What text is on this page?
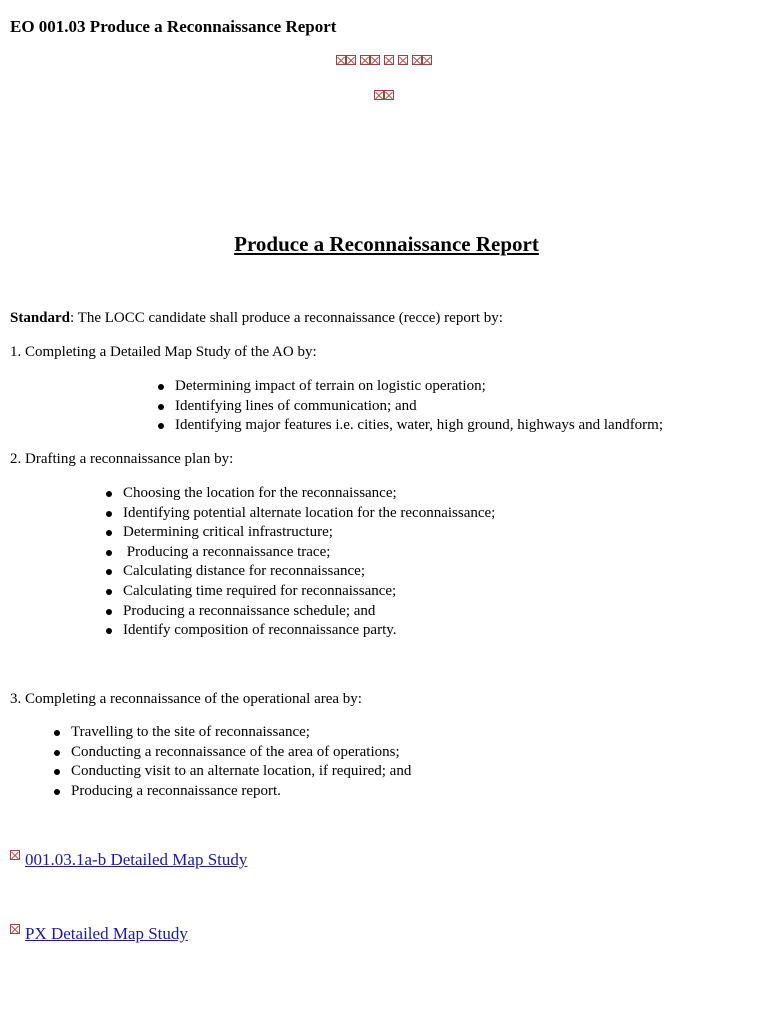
EO 001.03 Produce a Reconnaissance Report
Produce a Reconnaissance Report
Standard: The LOCC candidate shall produce a reconnaissance (recce) report by:
1. Completing a Detailed Map Study of the AO by:
Determining impact of terrain on logistic operation;
Identifying lines of communication; and
Identifying major features i.e. cities, water, high ground, highways and landform;
2. Drafting a reconnaissance plan by:
Choosing the location for the reconnaissance;
Identifying potential alternate location for the reconnaissance;
Determining critical infrastructure;
Producing a reconnaissance trace;
Calculating distance for reconnaissance;
Calculating time required for reconnaissance;
Producing a reconnaissance schedule; and
Identify composition of reconnaissance party.
3. Completing a reconnaissance of the operational area by:
Travelling to the site of reconnaissance;
Conducting a reconnaissance of the area of operations;
Conducting visit to an alternate location, if required; and
Producing a reconnaissance report.
001.03.1a-b Detailed Map Study
PX Detailed Map Study
